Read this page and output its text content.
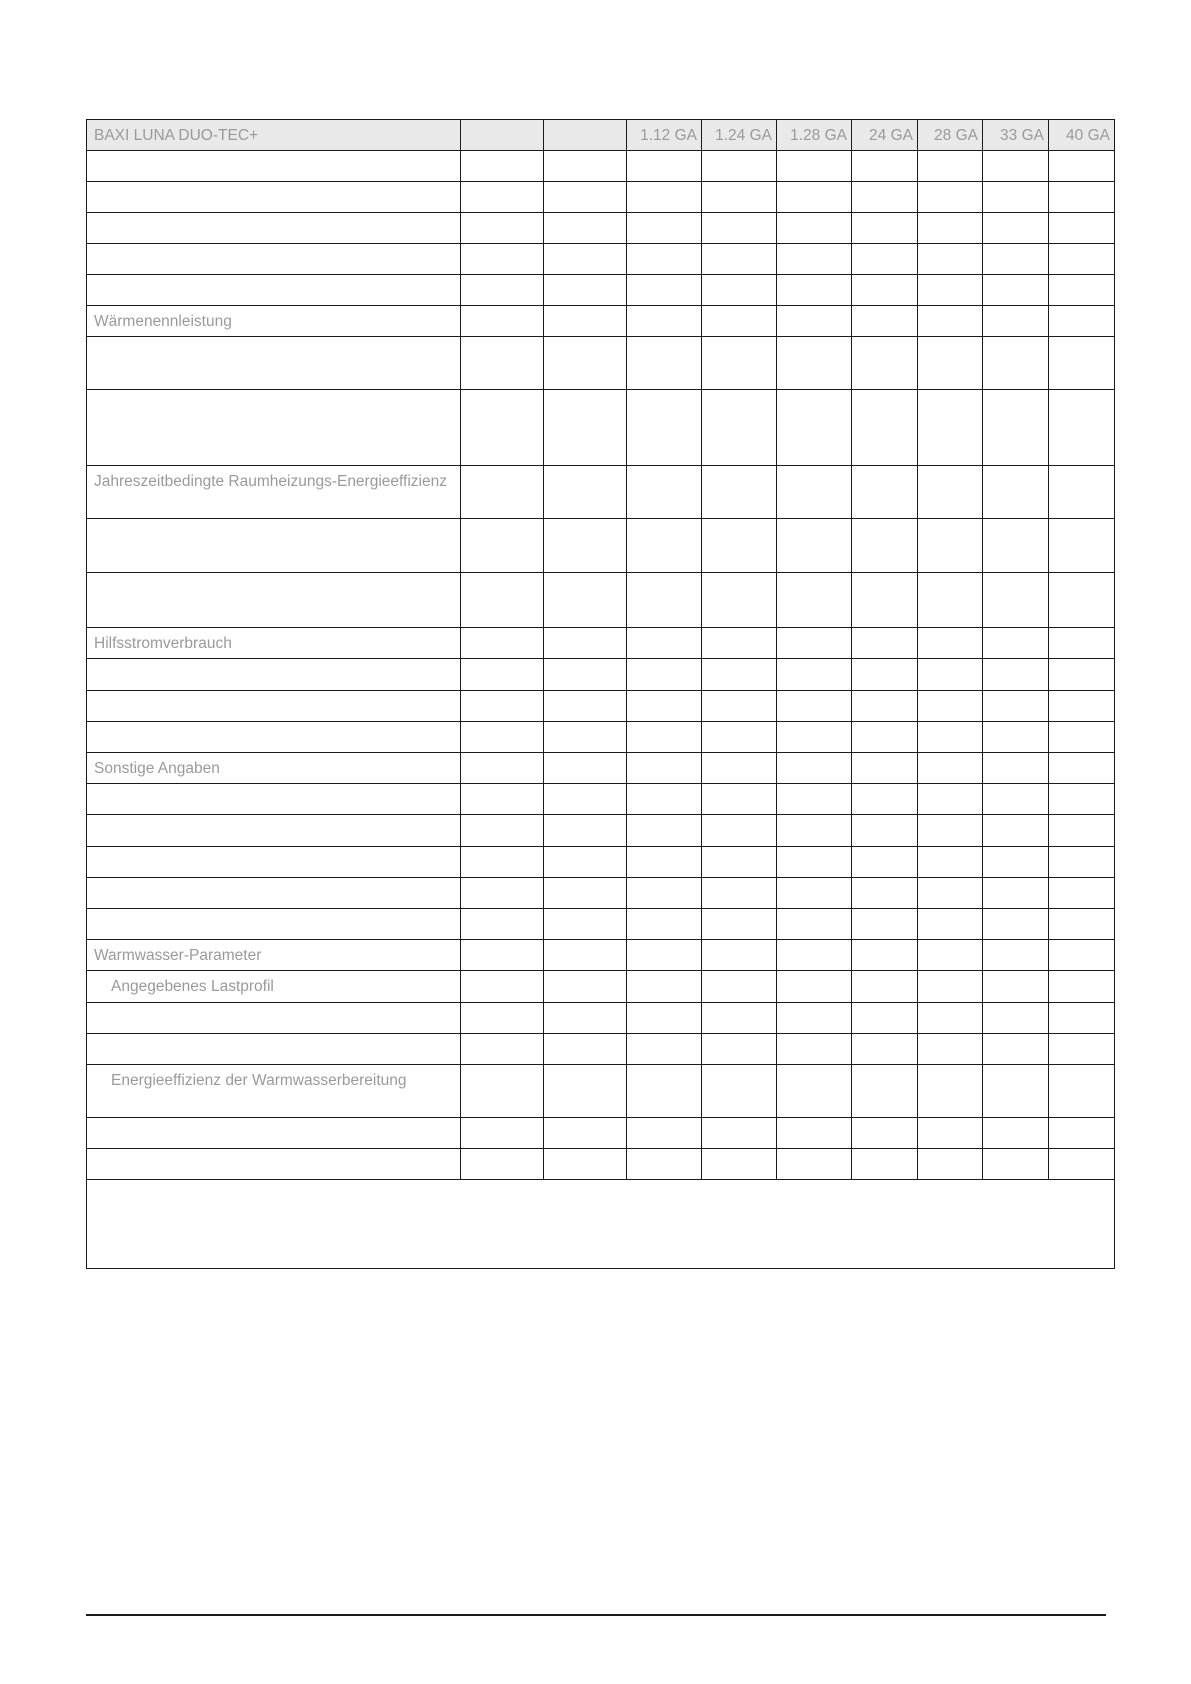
BAXI LUNA DUO-TEC+			1.12 GA	1.24 GA	1.28 GA	24 GA	28 GA	33 GA	40 GA

Wärmenennleistung									

Jahreszeitbedingte Raumheizungs-Energieeffizienz									

Hilfsstromverbrauch									

Sonstige Angaben									

Warmwasser-Parameter									
Angegebenes Lastprofil									

Energieeffizienz der Warmwasserbereitung									
